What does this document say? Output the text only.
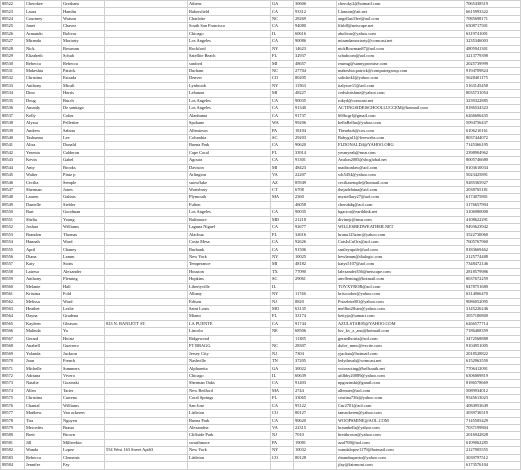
88522	Cherokee	Gresham		Athens	GA	30606	cheroky2@hotmail.com	7065438519
88523	Laura	Hamlin		Bakersfield	CA	93312	Llanson@att.net	6615993322
88524	Courtney	Watson		Charlotte	NC	28269	angellaa33ee@aol.com	7085698171
88525	Janet	Chavez		South San Francisco	CA	94080	lilsb8@netscape.net	6508717501
88526	Armando	Bolivar		Chicago	IL	60616	abolivar@yahoo.com	6319741001
88527	Miranda	Moriarty		Los Angeles	CA	90086	mirandamoriarty@comcast.net	3235346003
88528	Nick	Bowman		Rockford	NY	14623	nickBowman87@aol.com	4805941301
88529	Elizabeth	Schuh		Satellite Beach	FL	32937	schuhcom@aol.com	3213779398
88530	Rebecca	Rebecca		sanford	MI	48657	rmrmg@sunnypromise.com	2025739999
88531	Makeshia	Patrick		Durham	NC	27704	makeshia.patrick@computergroup.com	9194709824
88532	Christina	Estrada		Denver	CO	80205	saliche44@yahoo.com	5628401175
88533	Anthony	Micali		Lynbrook	NY	11563	italysuv11@aol.com	5163145458
88534	Dino	Harris		Lebanon	MI	48227	cedwhitshine@yahoo.com	8035731054
88535	Doug	Burch		Los Angeles	CA	90035	rokyd@comcast.net	3239322885
88536	Amaidy	De santiago		Los Angeles	CA	91340	ACTINGSIDEISCHOOLLUCCEM@hotmail.com	8186534323
88537	Kelly	Coker		Alanbama	CA	91737	60fbcgrl@gmail.com	6266606435
88538	Alyssa	Pellettier		Spokane	WA	99206	bellaBellas@yahoo.com	5094756437
88539	Andrew	Sabota		Allentown	PA	18104	Tbearbob@cox.com	6106210161
88540	Tashunna	Lee		Columbia	SC	29203	Babygirl1@freewebs.com	8037444072
88541	Alisa	Donald		Buena Park	CA	90620	FLDONALD4@YAHOO.ORG	7145366195
88542	Yesenia	Calderon		Cape Coral	FL	33914	yesmyeah@msn.com	2398904962
88543	Kevin	Gabel		Agoura	CA	91301	Avalon2005@sbcglobal.net	8005746680
88544	Amy	Brooks		Davison	MI	48423	madisonlaw@aol.com	8103610034
88545	Walter	Pintz jr		Arlington	VA	22207	wlt5454@yahoo.com	5023425891
88546	Cecilia	Semple		snowflake	AZ	85949	ceciliasemple@hotmail.com	9285365927
88547	Sherman	Jones		Waterbury	CT	6708	thejadelaina@aol.com	2038765181
88548	Lauren	Galinis		Plymouth	MA	2360	mystellary27@aol.com	6174075801
88549	Danielle	Siebler		Fulton		46058	cherubdq@aol.com	3176657994
88550	Bart	Goodman		Los Angeles	CA	90035	bgactor@earthlink.net	3106980000
88551	Shelia	Young		Baltimore	MD	21218	divinejr@msn.com	4108622291
88552	Joshua	Williams		Laguna Niguel	CA	92677	WILLESREDWEATHER.NET	9493623942
88553	Brandon	Thomas		Alachua	FL	32616	bruna123zinc@yahoo.com	3522730060
88554	Hannah	Ward		Costa Mesa	CA	92626	CatsIsCuOrs@aol.com	7605767960
88555	April	Chaney		Burbank	CA	91506	smileyaprile@aol.com	8183669462
88556	Diana	Lamm		New York	NY	10025	hewlamm@dialogic.com	2125774488
88557	Katy	Stotts		Temperance	MI	48182	katys5107@aol.com	7348472146
88558	Latresa	Alexander		Houston	TX	77090	lalexander356@netscape.com	2818579986
88559	Anthony	Fleming		Hopkins	SC	29061	anvfleming@hotmail.com	8037672259
88560	Melanie	Hall		Libertyville	IL		TOYXYROR@aol.com	8478751680
88561	Kristina	Fold		Albany	NY	11746	kriscooker@yahoo.com	6314066470
88562	Melissa	Ward		Edison	NJ	8820	Prizzlein001@yahoo.com	9086052095
88563	Heather	Leslie		Saint Louis	MO	63135	mellbrt28ster@yahoo.com	3145226246
88564	Dayna	Grudena		Miami	FL	33174	bettyjo@samart.com	3057180800
88565	Kayleen	Gleason	823 N. BANLETT ST.	LA PUENTE	CA	91744	AZULSTAR05@YAHOO.COM	6266577714
88566	Malinda	Yu		Lincoln	NE	68506	luv_kv_z_ano@hotmail.com	7186468359
88567	Gerard	Hoirtz		Ridgewood		11385	gerardhoirtz@aol.com	3472568888
88568	Anabell	Guerrero		FT BRAGG	NC	28307	dulce_mmc@excite.com	9104951005
88569	Yolanda	Jackson		Jersey City	NJ	7304	yjacksn@hotmail.com	2018528822
88570	Joan	French		Nashville	TN	37205	ledythrush@comcast.net	6152963550
88571	Michelle	Summers		Alpharetta	GA	30022	voiceacting@bellsouth.net	7706412091
88572	Adriana	Vivero		Chicago	IL	60639	afilbby20089@yahoo.com	6306069819
88573	Natalie	Gozinski		Sherman Oaks	CA	91403	npgozinski@gmail.com	8186578669
88574	Allen	Tarter		New Bedford	MA	2744	allenuer@aol.com	5089934012
88575	Christina	Carreno		Coral Springs	FL	33065	cristina736t@yahoo.com	9545613023
88576	Chantal	Williams		San Jose	CA	95122	Cnr2701@aol.com	4084953649
88577	Matthew	Van ackeren		Littleton	CO	80127	tamackeren@yahoo.com	3039736519
88578	Tira	Nguyen		Buena Park	CA	90620	WOOPSMINE@AOL.COM	7145505429
88579	Mercedes	Braun		Alexandria	VA	22315	braunbells@yahoo.com	7037199804
88580	Brett	Brown		Cliffside Park	NJ	7010	brettbrown@yahoo.com	2016942828
88581	Jill	Millerekin		swarthmore	PA	19081	azal708@aol.com	6109062285
88582	Wanda	Lopez	554 West 163 Street Apt63	New York	NY	10032	wandalopez1179@hotmail.com	2127905555
88583	Rebecca	Clements		Littleton	CO	80128	rbrandsuperto@yahoo.com	3039797512
88584	Jennifer	Fay					jfay@fairmont.com	6173576104
